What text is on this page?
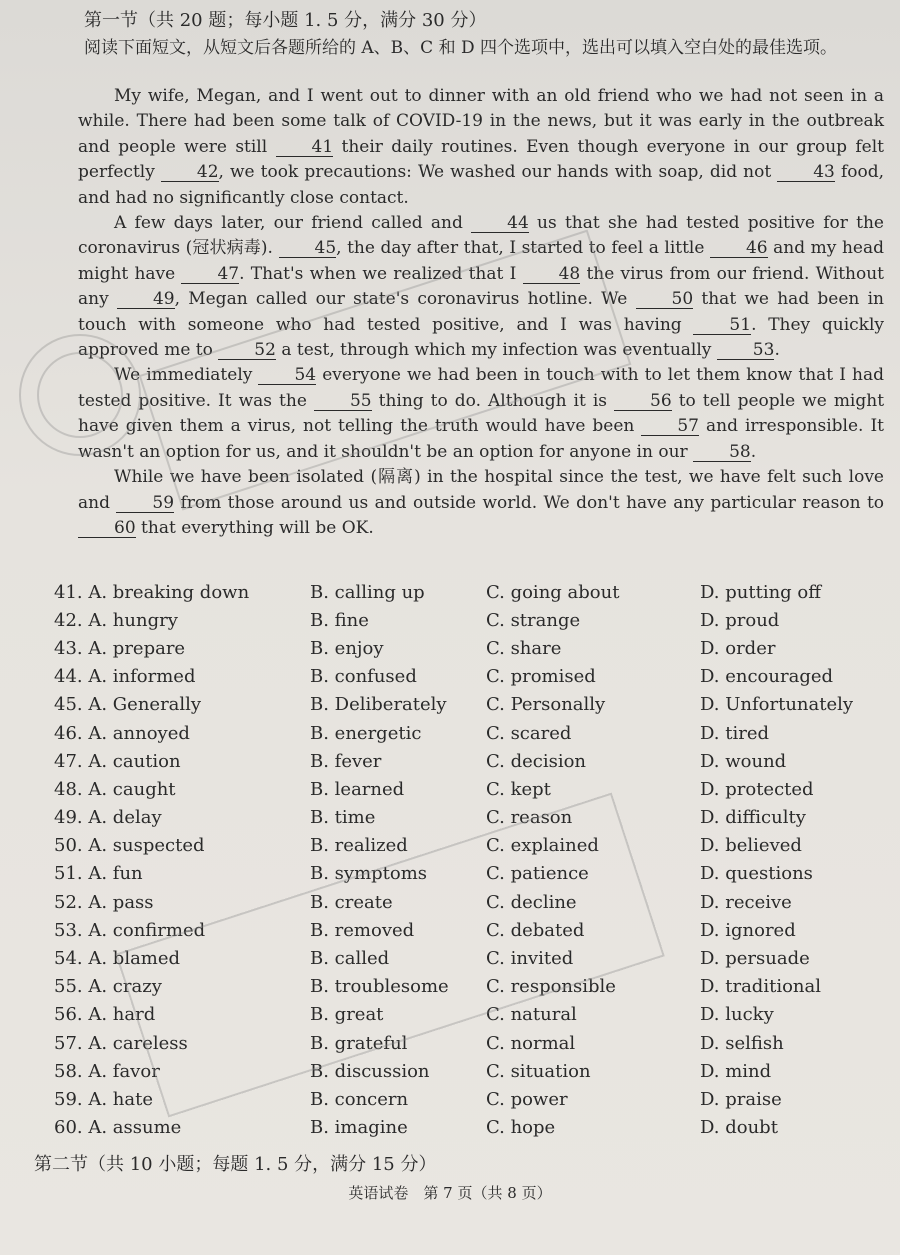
第一节（共 20 题；每小题 1. 5 分，满分 30 分）
阅读下面短文，从短文后各题所给的 A、B、C 和 D 四个选项中，选出可以填入空白处的最佳选项。

My wife, Megan, and I went out to dinner with an old friend who we had not seen in a while. There had been some talk of COVID-19 in the news, but it was early in the outbreak and people were still	41 their daily routines. Even though everyone in our group felt perfectly 42, we took precautions: We washed our hands with soap, did not 43 food, and had no significantly close contact.

A few days later, our friend called and	44 us that she had tested positive for the coronavirus (冠状病毒). 45, the day after that, I started to feel a little 46 and my head might have 47. That's when we realized that I 48 the virus from our friend. Without any	49, Megan called our state's coronavirus hotline. We	50 that we had been in touch with someone who had tested positive, and I was having	51. They quickly approved me to 52 a test, through which my infection was eventually 53.

We immediately 54 everyone we had been in touch with to let them know that I had tested positive. It was the	55 thing to do. Although it is	56 to tell people we might have given them a virus, not telling the truth would have been	57 and irresponsible. It wasn't an option for us, and it shouldn't be an option for anyone in our 58.

While we have been isolated (隔离) in the hospital since the test, we have felt such love and 59 from those around us and outside world. We don't have any particular reason to 60 that everything will be OK.

41. A. breaking down	B. calling up	C. going about	D. putting off
42. A. hungry	B. fine	C. strange	D. proud
43. A. prepare	B. enjoy	C. share	D. order
44. A. informed	B. confused	C. promised	D. encouraged
45. A. Generally	B. Deliberately	C. Personally	D. Unfortunately
46. A. annoyed	B. energetic	C. scared	D. tired
47. A. caution	B. fever	C. decision	D. wound
48. A. caught	B. learned	C. kept	D. protected
49. A. delay	B. time	C. reason	D. difficulty
50. A. suspected	B. realized	C. explained	D. believed
51. A. fun	B. symptoms	C. patience	D. questions
52. A. pass	B. create	C. decline	D. receive
53. A. confirmed	B. removed	C. debated	D. ignored
54. A. blamed	B. called	C. invited	D. persuade
55. A. crazy	B. troublesome	C. responsible	D. traditional
56. A. hard	B. great	C. natural	D. lucky
57. A. careless	B. grateful	C. normal	D. selfish
58. A. favor	B. discussion	C. situation	D. mind
59. A. hate	B. concern	C. power	D. praise
60. A. assume	B. imagine	C. hope	D. doubt
第二节（共 10 小题；每题 1. 5 分，满分 15 分）
英语试卷　第 7 页（共 8 页）
